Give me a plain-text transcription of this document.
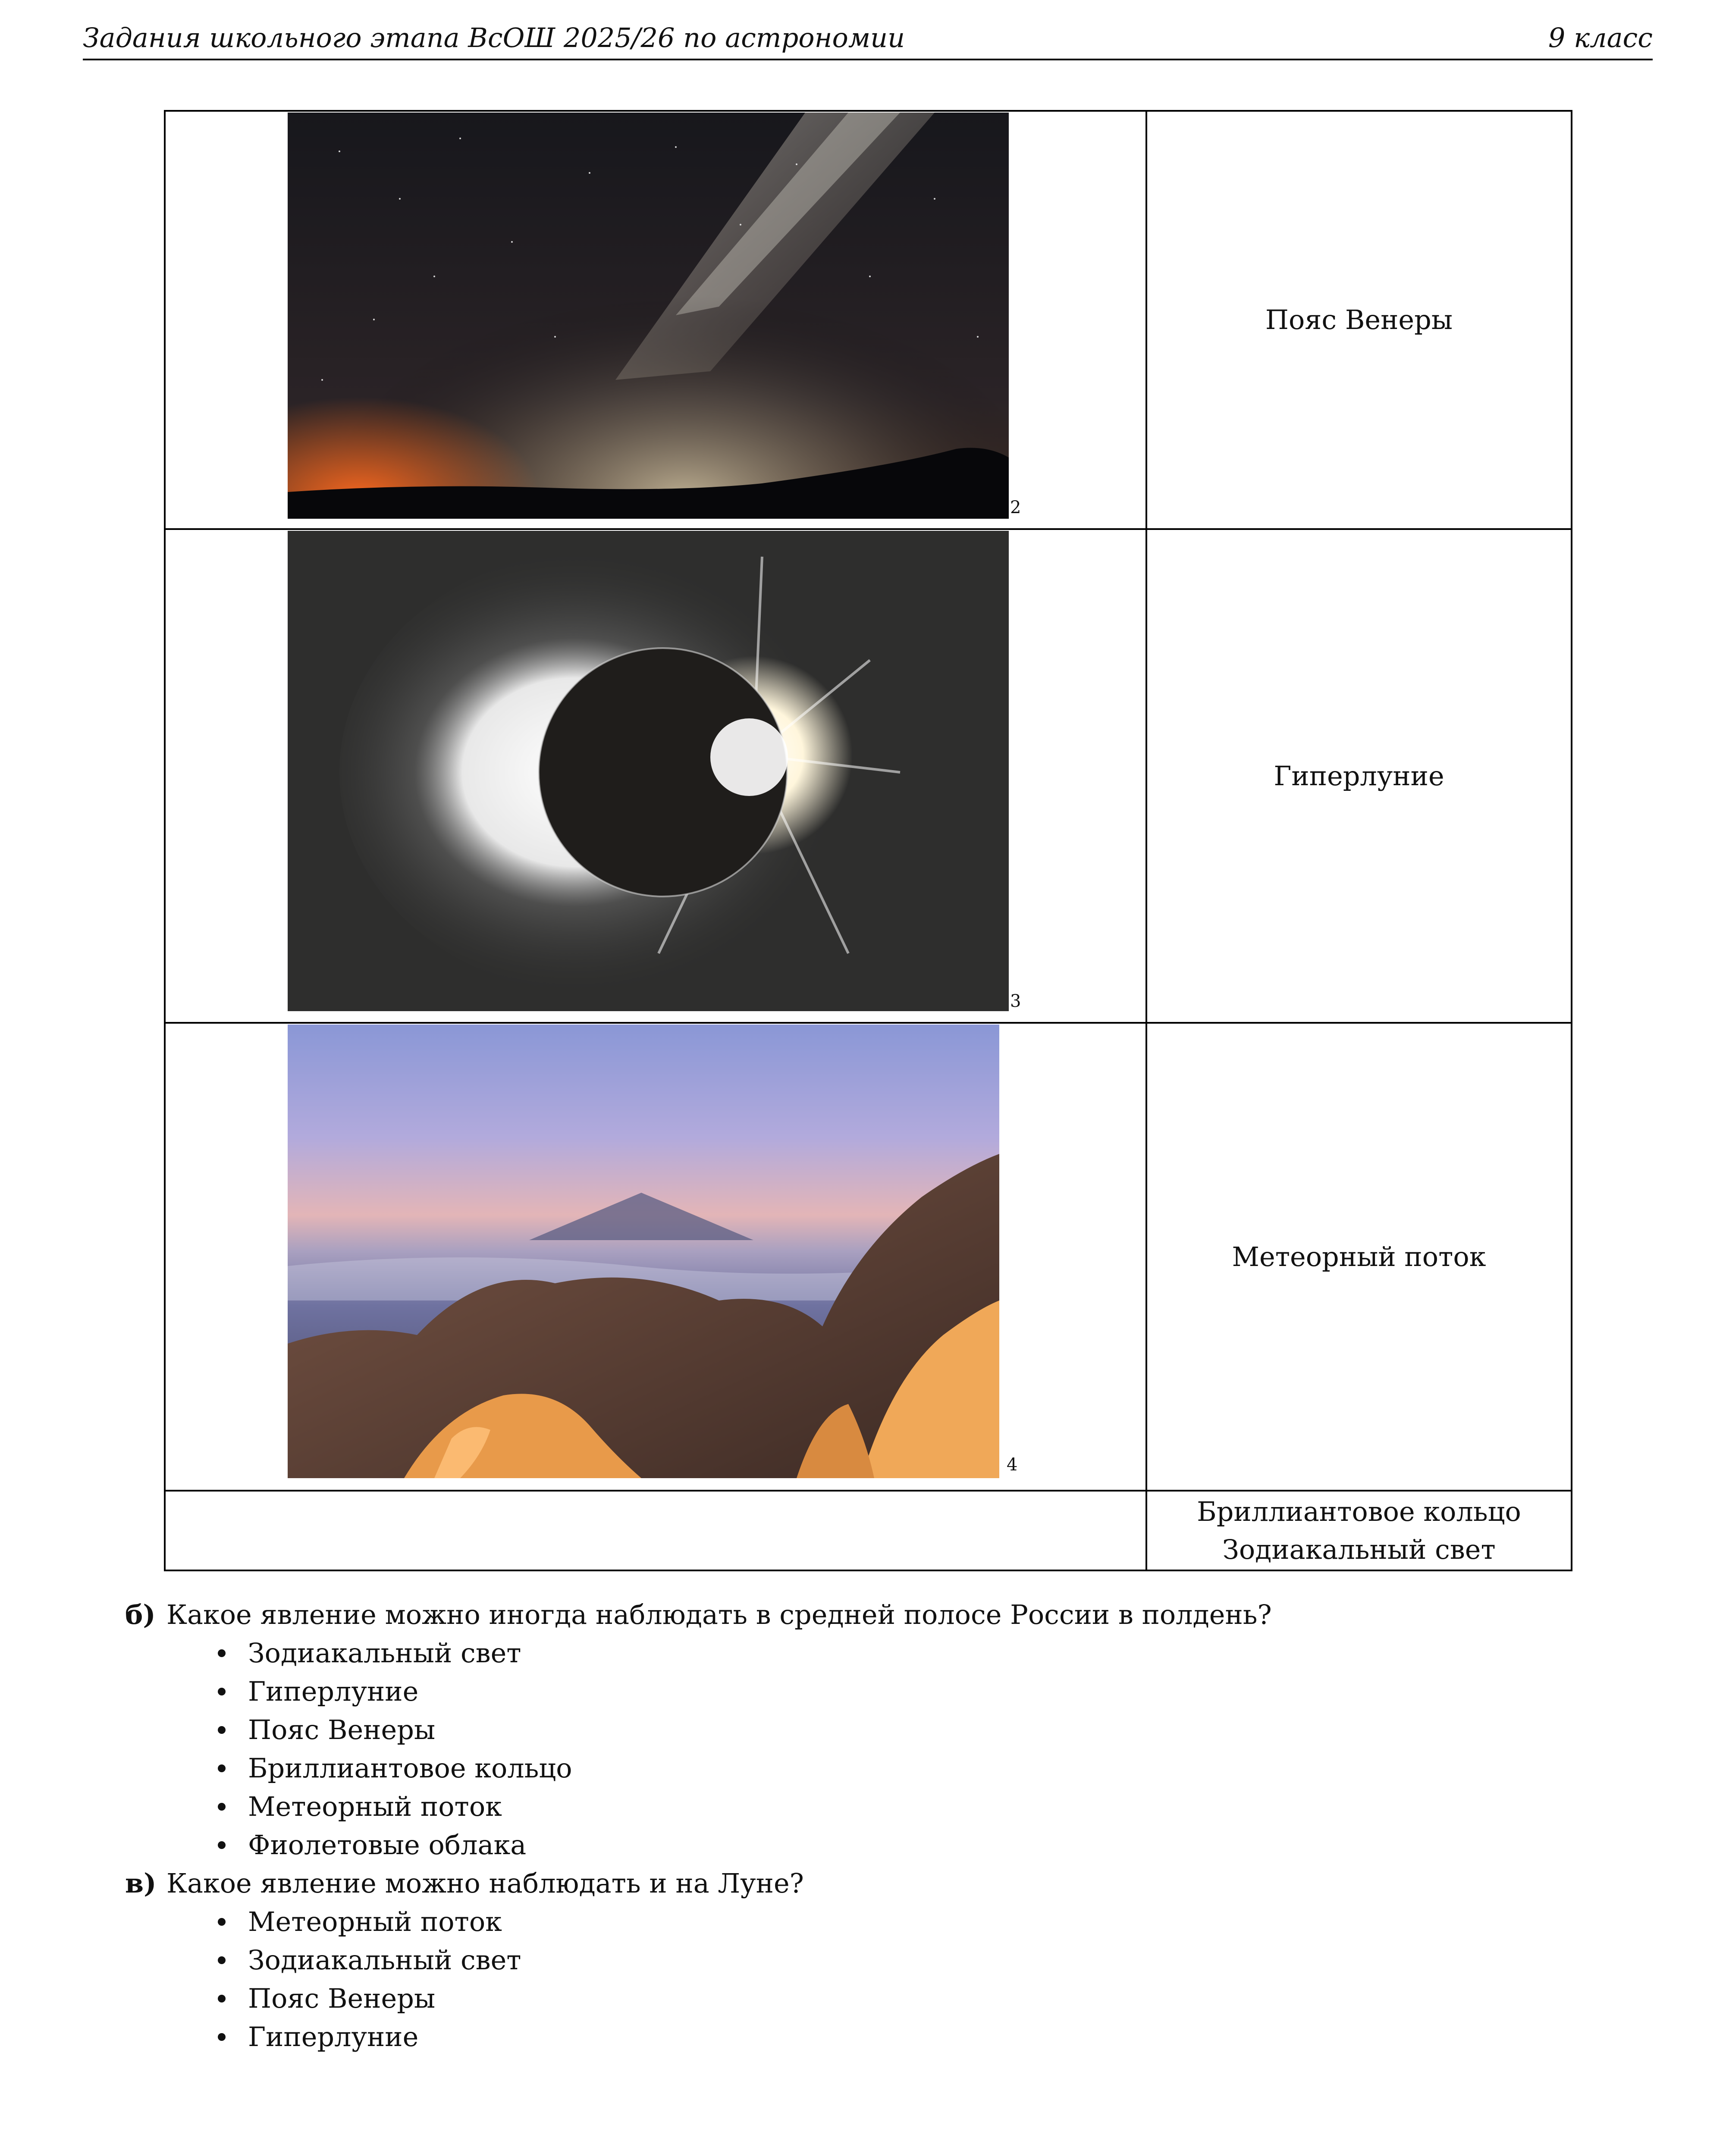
Задания школьного этапа ВсОШ 2025/26 по астрономии	9 класс
2	Пояс Венеры

3	Гиперлуние

4	Метеорный поток

	Бриллиантовое кольцо
Зодиакальный свет
б) Какое явление можно иногда наблюдать в средней полосе России в полдень?
Зодиакальный свет
Гиперлуние
Пояс Венеры
Бриллиантовое кольцо
Метеорный поток
Фиолетовые облака
в) Какое явление можно наблюдать и на Луне?
Метеорный поток
Зодиакальный свет
Пояс Венеры
Гиперлуние
